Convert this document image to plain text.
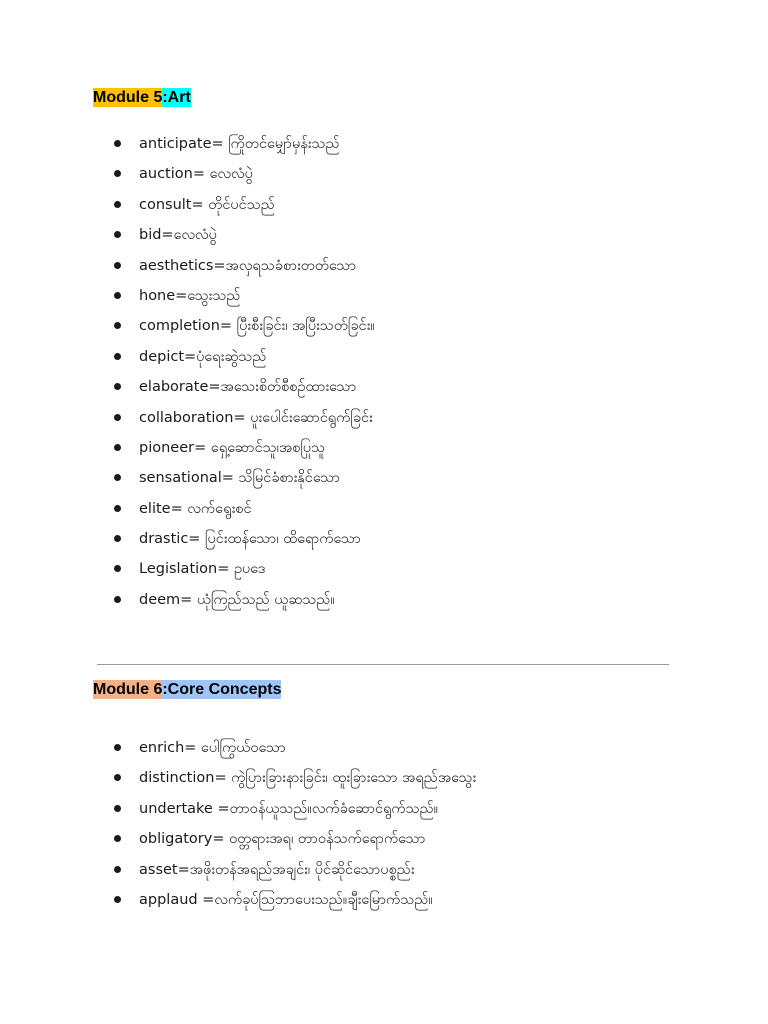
Module 5:Art
anticipate= ကြိုတင်မျှော်မှန်းသည်
auction= လေလံပွဲ
consult= တိုင်ပင်သည်
bid=လေလံပွဲ
aesthetics=အလှရသခံစားတတ်သော
hone=သွေးသည်
completion= ပြီးစီးခြင်း၊ အပြီးသတ်ခြင်း။
depict=ပုံရေးဆွဲသည်
elaborate=အသေးစိတ်စီစဉ်ထားသော
collaboration= ပူးပေါင်းဆောင်ရွက်ခြင်း
pioneer= ရှေ့ဆောင်သူ၊အစပြုသူ
sensational= သိမြင်ခံစားနိုင်သော
elite= လက်ရွေးစင်
drastic= ပြင်းထန်သော၊ ထိရောက်သော
Legislation= ဥပဒေ
deem= ယုံကြည်သည် ယူဆသည်။
Module 6:Core Concepts
enrich= ပေါကြွယ်ဝသော
distinction= ကွဲပြားခြားနားခြင်း၊ ထူးခြားသော အရည်အသွေး
undertake =တာဝန်ယူသည်။လက်ခံဆောင်ရွက်သည်။
obligatory= ဝတ္တရားအရ၊ တာဝန်သက်ရောက်သော
asset=အဖိုးတန်အရည်အချင်း၊ ပိုင်ဆိုင်သောပစ္စည်း
applaud =လက်ခုပ်သြဘာပေးသည်။ချီးမြောက်သည်။
